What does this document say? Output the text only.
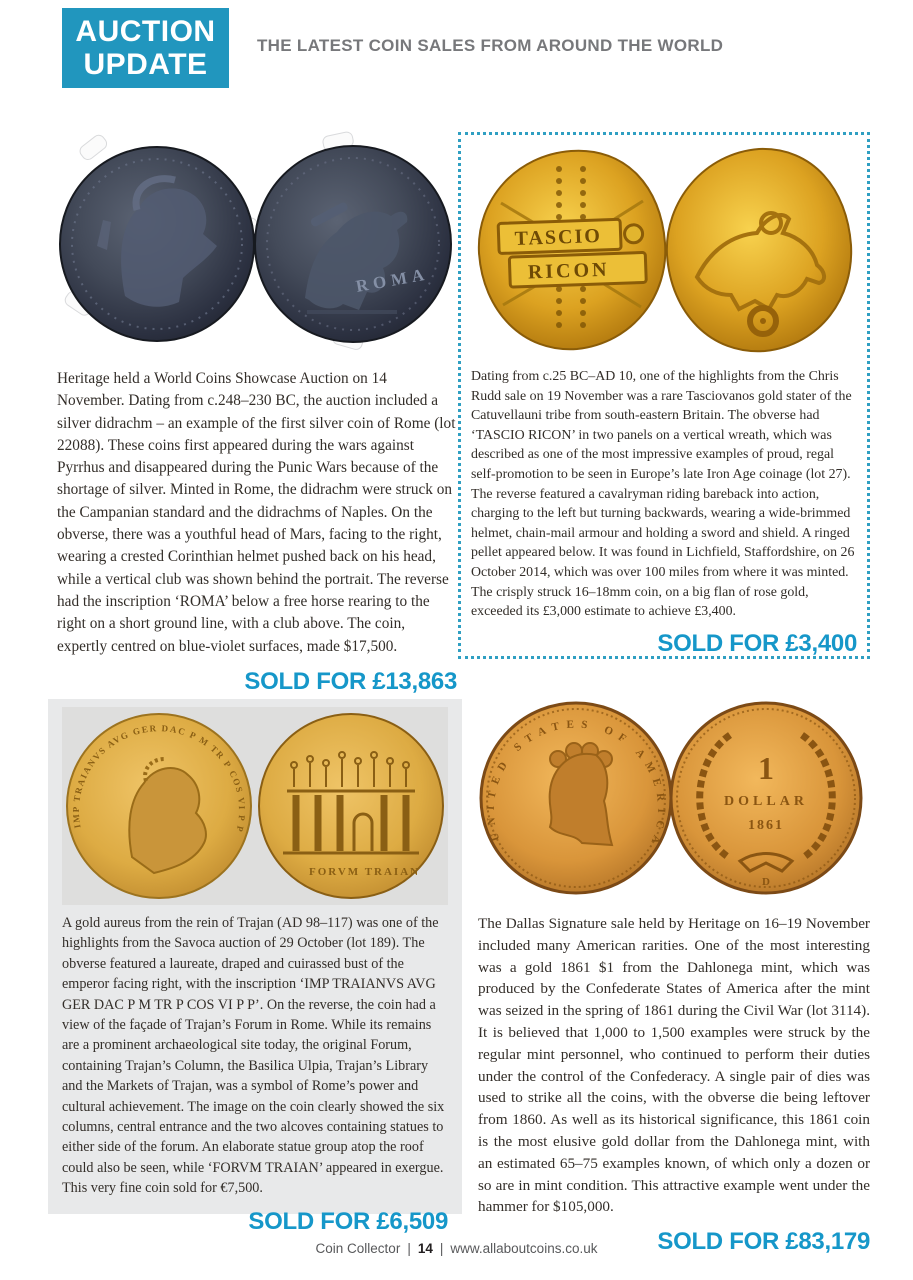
AUCTION
UPDATE
THE LATEST COIN SALES FROM AROUND THE WORLD
ROMA
Heritage held a World Coins Showcase Auction on 14 November. Dating from c.248–230 BC, the auction included a silver didrachm – an example of the first silver coin of Rome (lot 22088). These coins first appeared during the wars against Pyrrhus and disappeared during the Punic Wars because of the shortage of silver. Minted in Rome, the didrachm were struck on the Campanian standard and the didrachms of Naples. On the obverse, there was a youthful head of Mars, facing to the right, wearing a crested Corinthian helmet pushed back on his head, while a vertical club was shown behind the portrait. The reverse had the inscription ‘ROMA’ below a free horse rearing to the right on a short ground line, with a club above. The coin, expertly centred on blue-violet surfaces, made $17,500.
SOLD FOR £13,863
TASCIO
RICON
Dating from c.25 BC–AD 10, one of the highlights from the Chris Rudd sale on 19 November was a rare Tasciovanos gold stater of the Catuvellauni tribe from south-eastern Britain. The obverse had ‘TASCIO RICON’ in two panels on a vertical wreath, which was described as one of the most impressive examples of proud, regal self-promotion to be seen in Europe’s late Iron Age coinage (lot 27). The reverse featured a cavalryman riding bareback into action, charging to the left but turning backwards, wearing a wide-brimmed helmet, chain-mail armour and holding a sword and shield. A ringed pellet appeared below. It was found in Lichfield, Staffordshire, on 26 October 2014, which was over 100 miles from where it was minted. The crisply struck 16–18mm coin, on a big flan of rose gold, exceeded its £3,000 estimate to achieve £3,400.
SOLD FOR £3,400
IMP TRAIANVS AVG GER DAC P M TR P COS VI P P
FORVM TRAIAN
A gold aureus from the rein of Trajan (AD 98–117) was one of the highlights from the Savoca auction of 29 October (lot 189). The obverse featured a laureate, draped and cuirassed bust of the emperor facing right, with the inscription ‘IMP TRAIANVS AVG GER DAC P M TR P COS VI P P’. On the reverse, the coin had a view of the façade of Trajan’s Forum in Rome. While its remains are a prominent archaeological site today, the original Forum, containing Trajan’s Column, the Basilica Ulpia, Trajan’s Library and the Markets of Trajan, was a symbol of Rome’s power and cultural achievement. The image on the coin clearly showed the six columns, central entrance and the two alcoves containing statues to either side of the forum. An elaborate statue group atop the roof could also be seen, while ‘FORVM TRAIAN’ appeared in exergue. This very fine coin sold for €7,500.
SOLD FOR £6,509
UNITED STATES OF AMERICA
1
DOLLAR
1861
D
The Dallas Signature sale held by Heritage on 16–19 November included many American rarities. One of the most interesting was a gold 1861 $1 from the Dahlonega mint, which was produced by the Confederate States of America after the mint was seized in the spring of 1861 during the Civil War (lot 3114). It is believed that 1,000 to 1,500 examples were struck by the regular mint personnel, who continued to perform their duties under the control of the Confederacy. A single pair of dies was used to strike all the coins, with the obverse die being leftover from 1860. As well as its historical significance, this 1861 coin is the most elusive gold dollar from the Dahlonega mint, with an estimated 65–75 examples known, of which only a dozen or so are in mint condition. This attractive example went under the hammer for $105,000.
SOLD FOR £83,179
Coin Collector | 14 | www.allaboutcoins.co.uk
